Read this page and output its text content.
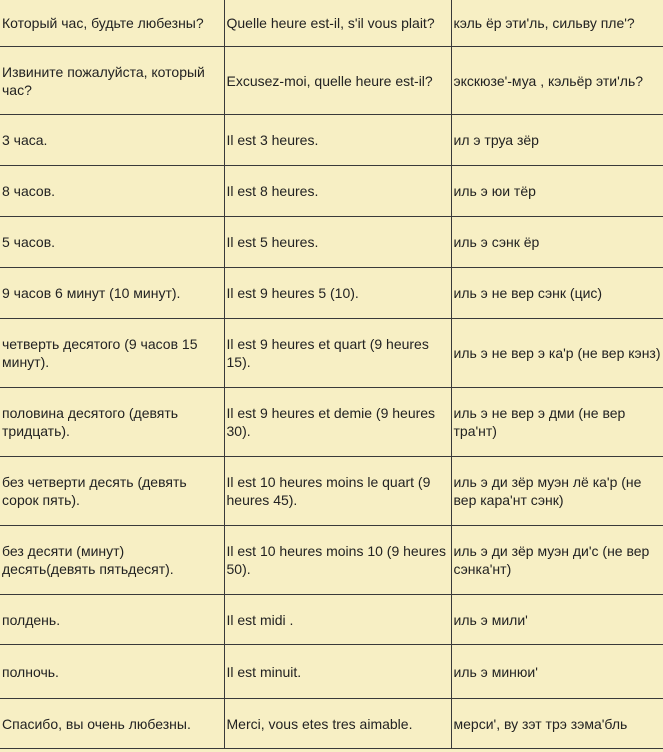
Который час, будьте любезны?	Quelle heure est-il, s'il vous plait?	кэль ёр эти'ль, сильву пле'?
Извините пожалуйста, который час?	Excusez-moi, quelle heure est-il?	экскюзе'-муа , кэльёр эти'ль?
3 часа.	Il est 3 heures.	ил э труа зёр
8 часов.	Il est 8 heures.	иль э юи тёр
5 часов.	Il est 5 heures.	иль э сэнк ёр
9 часов 6 минут (10 минут).	Il est 9 heures 5 (10).	иль э не вер сэнк (цис)
четверть десятого (9 часов 15 минут).	Il est 9 heures et quart (9 heures 15).	иль э не вер э ка'р (не вер кэнз)
половина десятого (девять тридцать).	Il est 9 heures et demie (9 heures 30).	иль э не вер э дми (не вер тра'нт)
без четверти десять (девять сорок пять).	Il est 10 heures moins le quart (9 heures 45).	иль э ди зёр муэн лё ка'р (не вер кара'нт сэнк)
без десяти (минут) десять(девять пятьдесят).	Il est 10 heures moins 10 (9 heures 50).	иль э ди зёр муэн ди'с (не вер сэнка'нт)
полдень.	Il est midi .	иль э мили'
полночь.	Il est minuit.	иль э минюи'
Спасибо, вы очень любезны.	Merci, vous etes tres aimable.	мерси', ву зэт трэ зэма'бль
